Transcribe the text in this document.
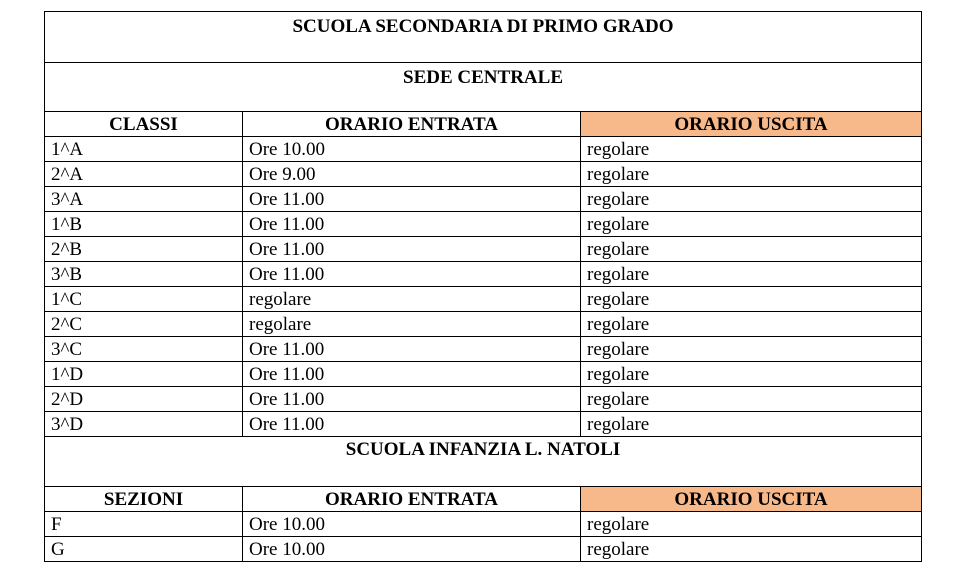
SCUOLA SECONDARIA DI PRIMO GRADO		
SEDE CENTRALE		
CLASSI	ORARIO ENTRATA	ORARIO USCITA
1^A	Ore 10.00	regolare
2^A	Ore 9.00	regolare
3^A	Ore 11.00	regolare
1^B	Ore 11.00	regolare
2^B	Ore 11.00	regolare
3^B	Ore 11.00	regolare
1^C	regolare	regolare
2^C	regolare	regolare
3^C	Ore 11.00	regolare
1^D	Ore 11.00	regolare
2^D	Ore 11.00	regolare
3^D	Ore 11.00	regolare
SCUOLA INFANZIA L. NATOLI		
SEZIONI	ORARIO ENTRATA	ORARIO USCITA
F	Ore 10.00	regolare
G	Ore 10.00	regolare
